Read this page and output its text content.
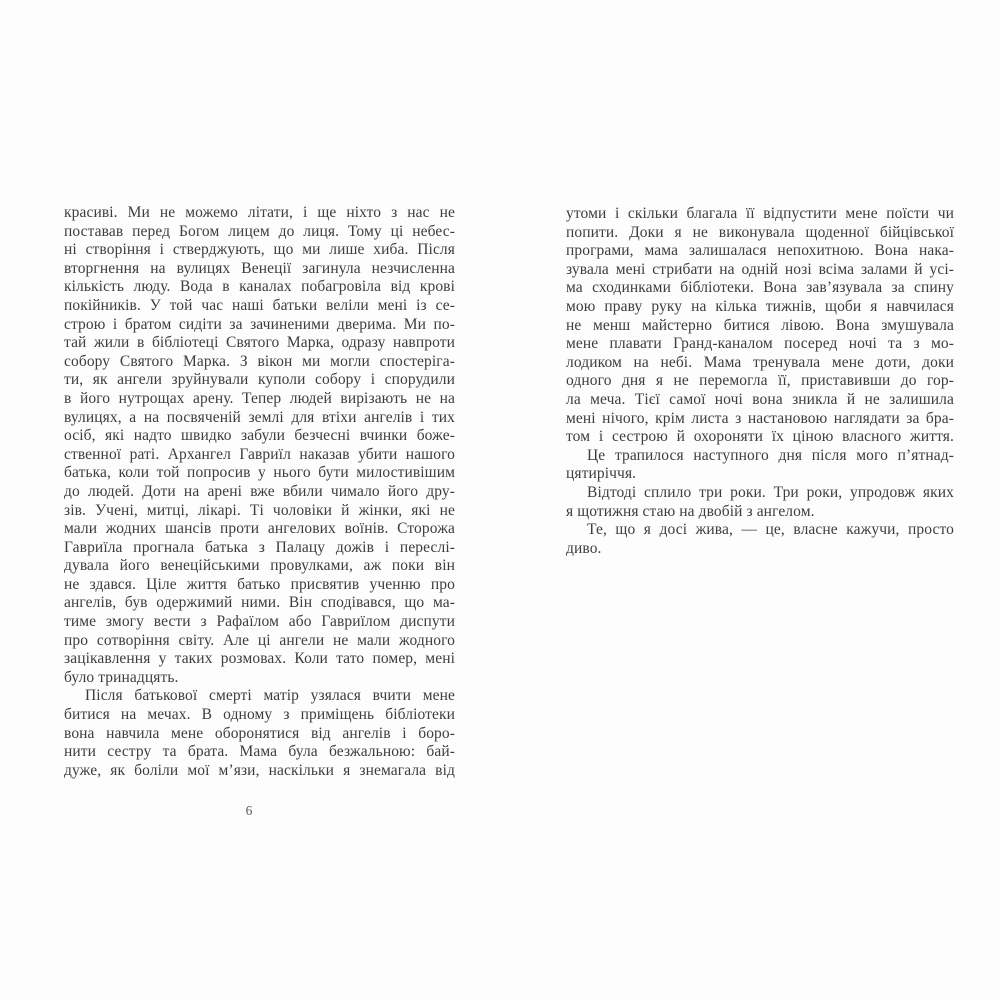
красиві. Ми не можемо літати, і ще ніхто з нас не
поставав перед Богом лицем до лиця. Тому ці небес-
ні створіння і стверджують, що ми лише хиба. Після
вторгнення на вулицях Венеції загинула незчисленна
кількість люду. Вода в каналах побагровіла від крові
покійників. У той час наші батьки веліли мені із се-
строю і братом сидіти за зачиненими дверима. Ми по-
тай жили в бібліотеці Святого Марка, одразу навпроти
собору Святого Марка. З вікон ми могли спостеріга-
ти, як ангели зруйнували куполи собору і спорудили
в його нутрощах арену. Тепер людей вирізають не на
вулицях, а на посвяченій землі для втіхи ангелів і тих
осіб, які надто швидко забули безчесні вчинки боже-
ственної раті. Архангел Гавриїл наказав убити нашого
батька, коли той попросив у нього бути милостивішим
до людей. Доти на арені вже вбили чимало його дру-
зів. Учені, митці, лікарі. Ті чоловіки й жінки, які не
мали жодних шансів проти ангелових воїнів. Сторожа
Гавриїла прогнала батька з Палацу дожів і переслі-
дувала його венеційськими провулками, аж поки він
не здався. Ціле життя батько присвятив ученню про
ангелів, був одержимий ними. Він сподівався, що ма-
тиме змогу вести з Рафаїлом або Гавриїлом диспути
про сотворіння світу. Але ці ангели не мали жодного
зацікавлення у таких розмовах. Коли тато помер, мені
було тринадцять.
Після батькової смерті матір узялася вчити мене
битися на мечах. В одному з приміщень бібліотеки
вона навчила мене оборонятися від ангелів і боро-
нити сестру та брата. Мама була безжальною: бай-
дуже, як боліли мої м’язи, наскільки я знемагала від
утоми і скільки благала її відпустити мене поїсти чи
попити. Доки я не виконувала щоденної бійцівської
програми, мама залишалася непохитною. Вона нака-
зувала мені стрибати на одній нозі всіма залами й усі-
ма сходинками бібліотеки. Вона зав’язувала за спину
мою праву руку на кілька тижнів, щоби я навчилася
не менш майстерно битися лівою. Вона змушувала
мене плавати Гранд-каналом посеред ночі та з мо-
лодиком на небі. Мама тренувала мене доти, доки
одного дня я не перемогла її, приставивши до гор-
ла меча. Тієї самої ночі вона зникла й не залишила
мені нічого, крім листа з настановою наглядати за бра-
том і сестрою й охороняти їх ціною власного життя.
Це трапилося наступного дня після мого п’ятнад-
цятиріччя.
Відтоді сплило три роки. Три роки, упродовж яких
я щотижня стаю на двобій з ангелом.
Те, що я досі жива, — це, власне кажучи, просто
диво.
6
